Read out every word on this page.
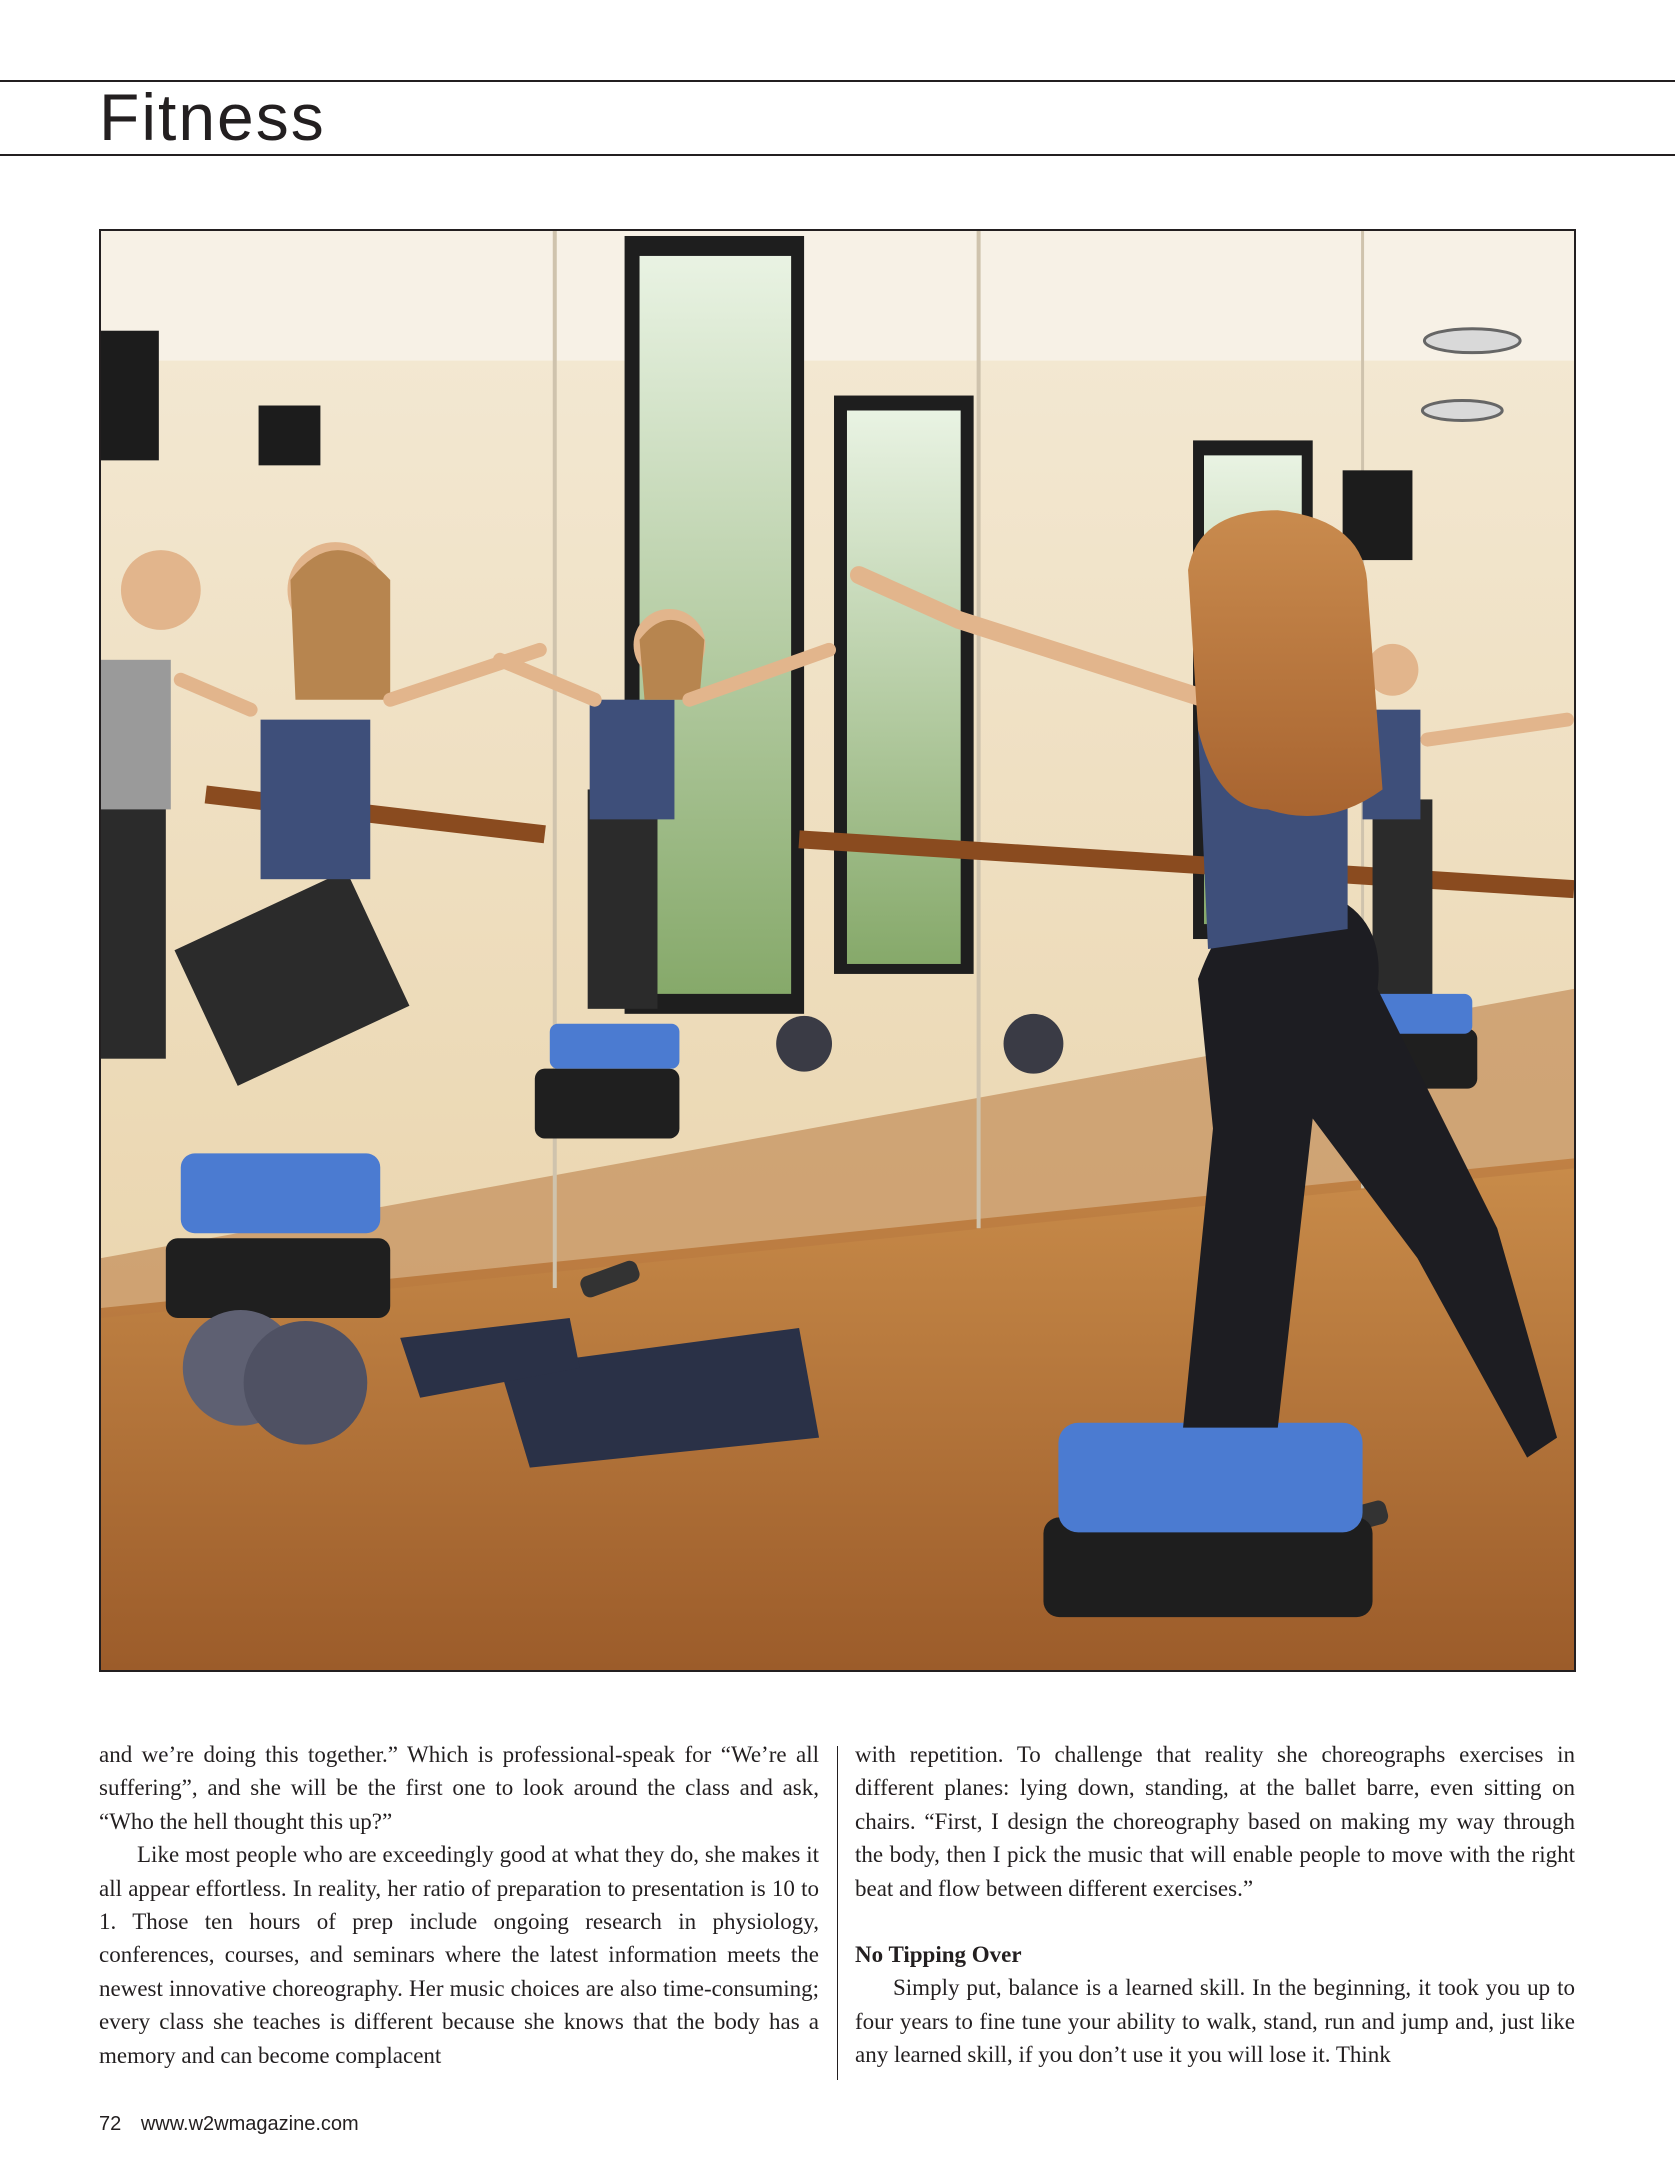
Fitness

and we’re doing this together.” Which is professional-speak for “We’re all suffering”, and she will be the first one to look around the class and ask, “Who the hell thought this up?”

Like most people who are exceedingly good at what they do, she makes it all appear effortless. In reality, her ratio of preparation to presentation is 10 to 1. Those ten hours of prep include ongoing research in physiology, conferences, courses, and seminars where the latest information meets the newest innovative choreography. Her music choices are also time-consuming; every class she teaches is different because she knows that the body has a memory and can become complacent

with repetition. To challenge that reality she choreographs exercises in different planes: lying down, standing, at the ballet barre, even sitting on chairs. “First, I design the choreography based on making my way through the body, then I pick the music that will enable people to move with the right beat and flow between different exercises.”

No Tipping Over

Simply put, balance is a learned skill. In the beginning, it took you up to four years to fine tune your ability to walk, stand, run and jump and, just like any learned skill, if you don’t use it you will lose it. Think

72 www.w2wmagazine.com
